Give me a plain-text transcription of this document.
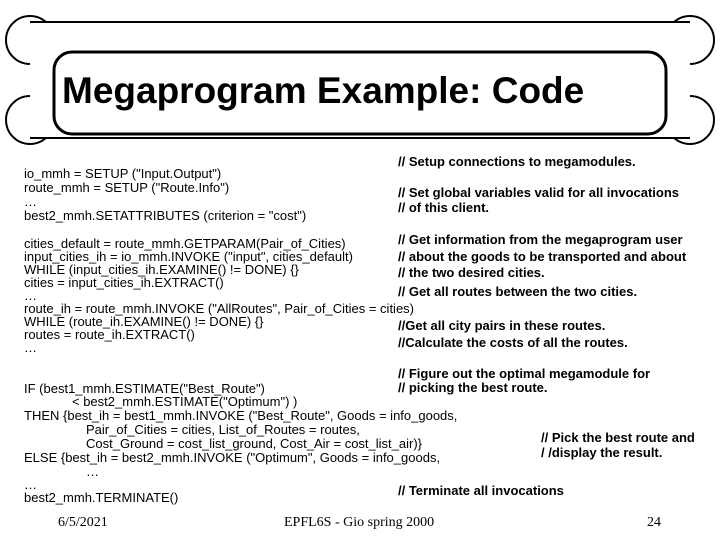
Megaprogram Example: Code
io_mmh = SETUP ("Input.Output")
route_mmh = SETUP ("Route.Info")
…
best2_mmh.SETATTRIBUTES (criterion = "cost")
cities_default = route_mmh.GETPARAM(Pair_of_Cities)
input_cities_ih = io_mmh.INVOKE ("input", cities_default)
WHILE (input_cities_ih.EXAMINE() != DONE) {}
cities = input_cities_ih.EXTRACT()
…
route_ih = route_mmh.INVOKE ("AllRoutes", Pair_of_Cities = cities)
WHILE (route_ih.EXAMINE() != DONE) {}
routes = route_ih.EXTRACT()
…
IF (best1_mmh.ESTIMATE("Best_Route")
< best2_mmh.ESTIMATE("Optimum") )
THEN {best_ih = best1_mmh.INVOKE ("Best_Route", Goods = info_goods,
Pair_of_Cities = cities, List_of_Routes = routes,
Cost_Ground = cost_list_ground, Cost_Air = cost_list_air)}
ELSE {best_ih = best2_mmh.INVOKE ("Optimum", Goods = info_goods,
…
…
best2_mmh.TERMINATE()
// Setup connections to megamodules.
// Set global variables valid for all invocations
// of this client.
// Get information from the megaprogram user
// about the goods to be transported and about
// the two desired cities.
// Get all routes between the two cities.
//Get all city pairs in these routes.
//Calculate the costs of all the routes.
// Figure out the optimal megamodule for
// picking the best route.
// Pick the best route and
/ /display the result.
// Terminate all invocations
6/5/2021	EPFL6S - Gio spring 2000	24
